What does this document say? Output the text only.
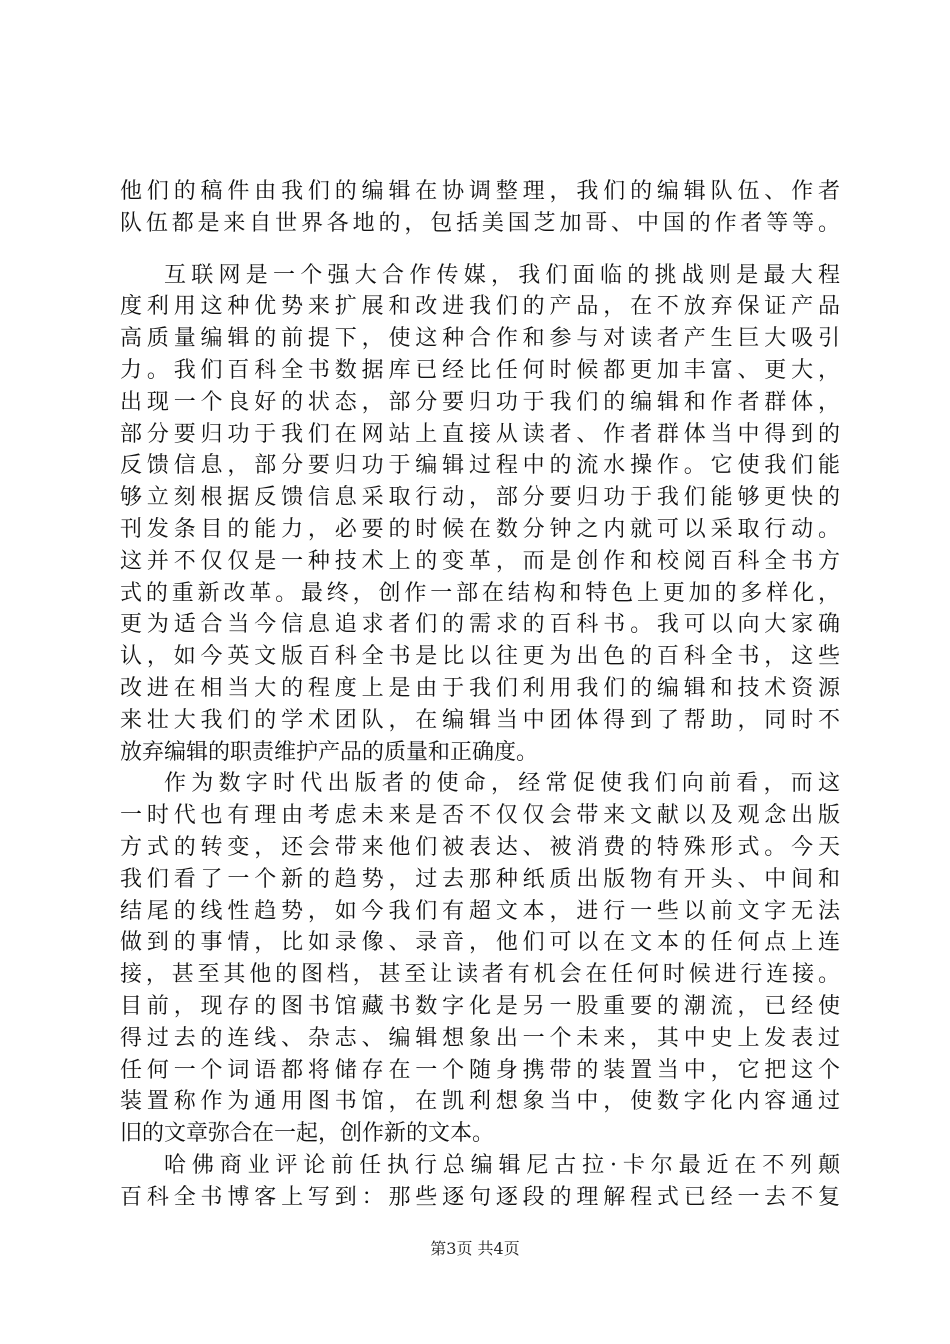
他们的稿件由我们的编辑在协调整理，我们的编辑队伍、作者
队伍都是来自世界各地的，包括美国芝加哥、中国的作者等等。
互联网是一个强大合作传媒，我们面临的挑战则是最大程
度利用这种优势来扩展和改进我们的产品，在不放弃保证产品
高质量编辑的前提下，使这种合作和参与对读者产生巨大吸引
力。我们百科全书数据库已经比任何时候都更加丰富、更大，
出现一个良好的状态，部分要归功于我们的编辑和作者群体，
部分要归功于我们在网站上直接从读者、作者群体当中得到的
反馈信息，部分要归功于编辑过程中的流水操作。它使我们能
够立刻根据反馈信息采取行动，部分要归功于我们能够更快的
刊发条目的能力，必要的时候在数分钟之内就可以采取行动。
这并不仅仅是一种技术上的变革，而是创作和校阅百科全书方
式的重新改革。最终，创作一部在结构和特色上更加的多样化，
更为适合当今信息追求者们的需求的百科书。我可以向大家确
认，如今英文版百科全书是比以往更为出色的百科全书，这些
改进在相当大的程度上是由于我们利用我们的编辑和技术资源
来壮大我们的学术团队，在编辑当中团体得到了帮助，同时不
放弃编辑的职责维护产品的质量和正确度。
作为数字时代出版者的使命，经常促使我们向前看，而这
一时代也有理由考虑未来是否不仅仅会带来文献以及观念出版
方式的转变，还会带来他们被表达、被消费的特殊形式。今天
我们看了一个新的趋势，过去那种纸质出版物有开头、中间和
结尾的线性趋势，如今我们有超文本，进行一些以前文字无法
做到的事情，比如录像、录音，他们可以在文本的任何点上连
接，甚至其他的图档，甚至让读者有机会在任何时候进行连接。
目前，现存的图书馆藏书数字化是另一股重要的潮流，已经使
得过去的连线、杂志、编辑想象出一个未来，其中史上发表过
任何一个词语都将储存在一个随身携带的装置当中，它把这个
装置称作为通用图书馆，在凯利想象当中，使数字化内容通过
旧的文章弥合在一起，创作新的文本。
哈佛商业评论前任执行总编辑尼古拉·卡尔最近在不列颠
百科全书博客上写到：那些逐句逐段的理解程式已经一去不复
第3页 共4页
